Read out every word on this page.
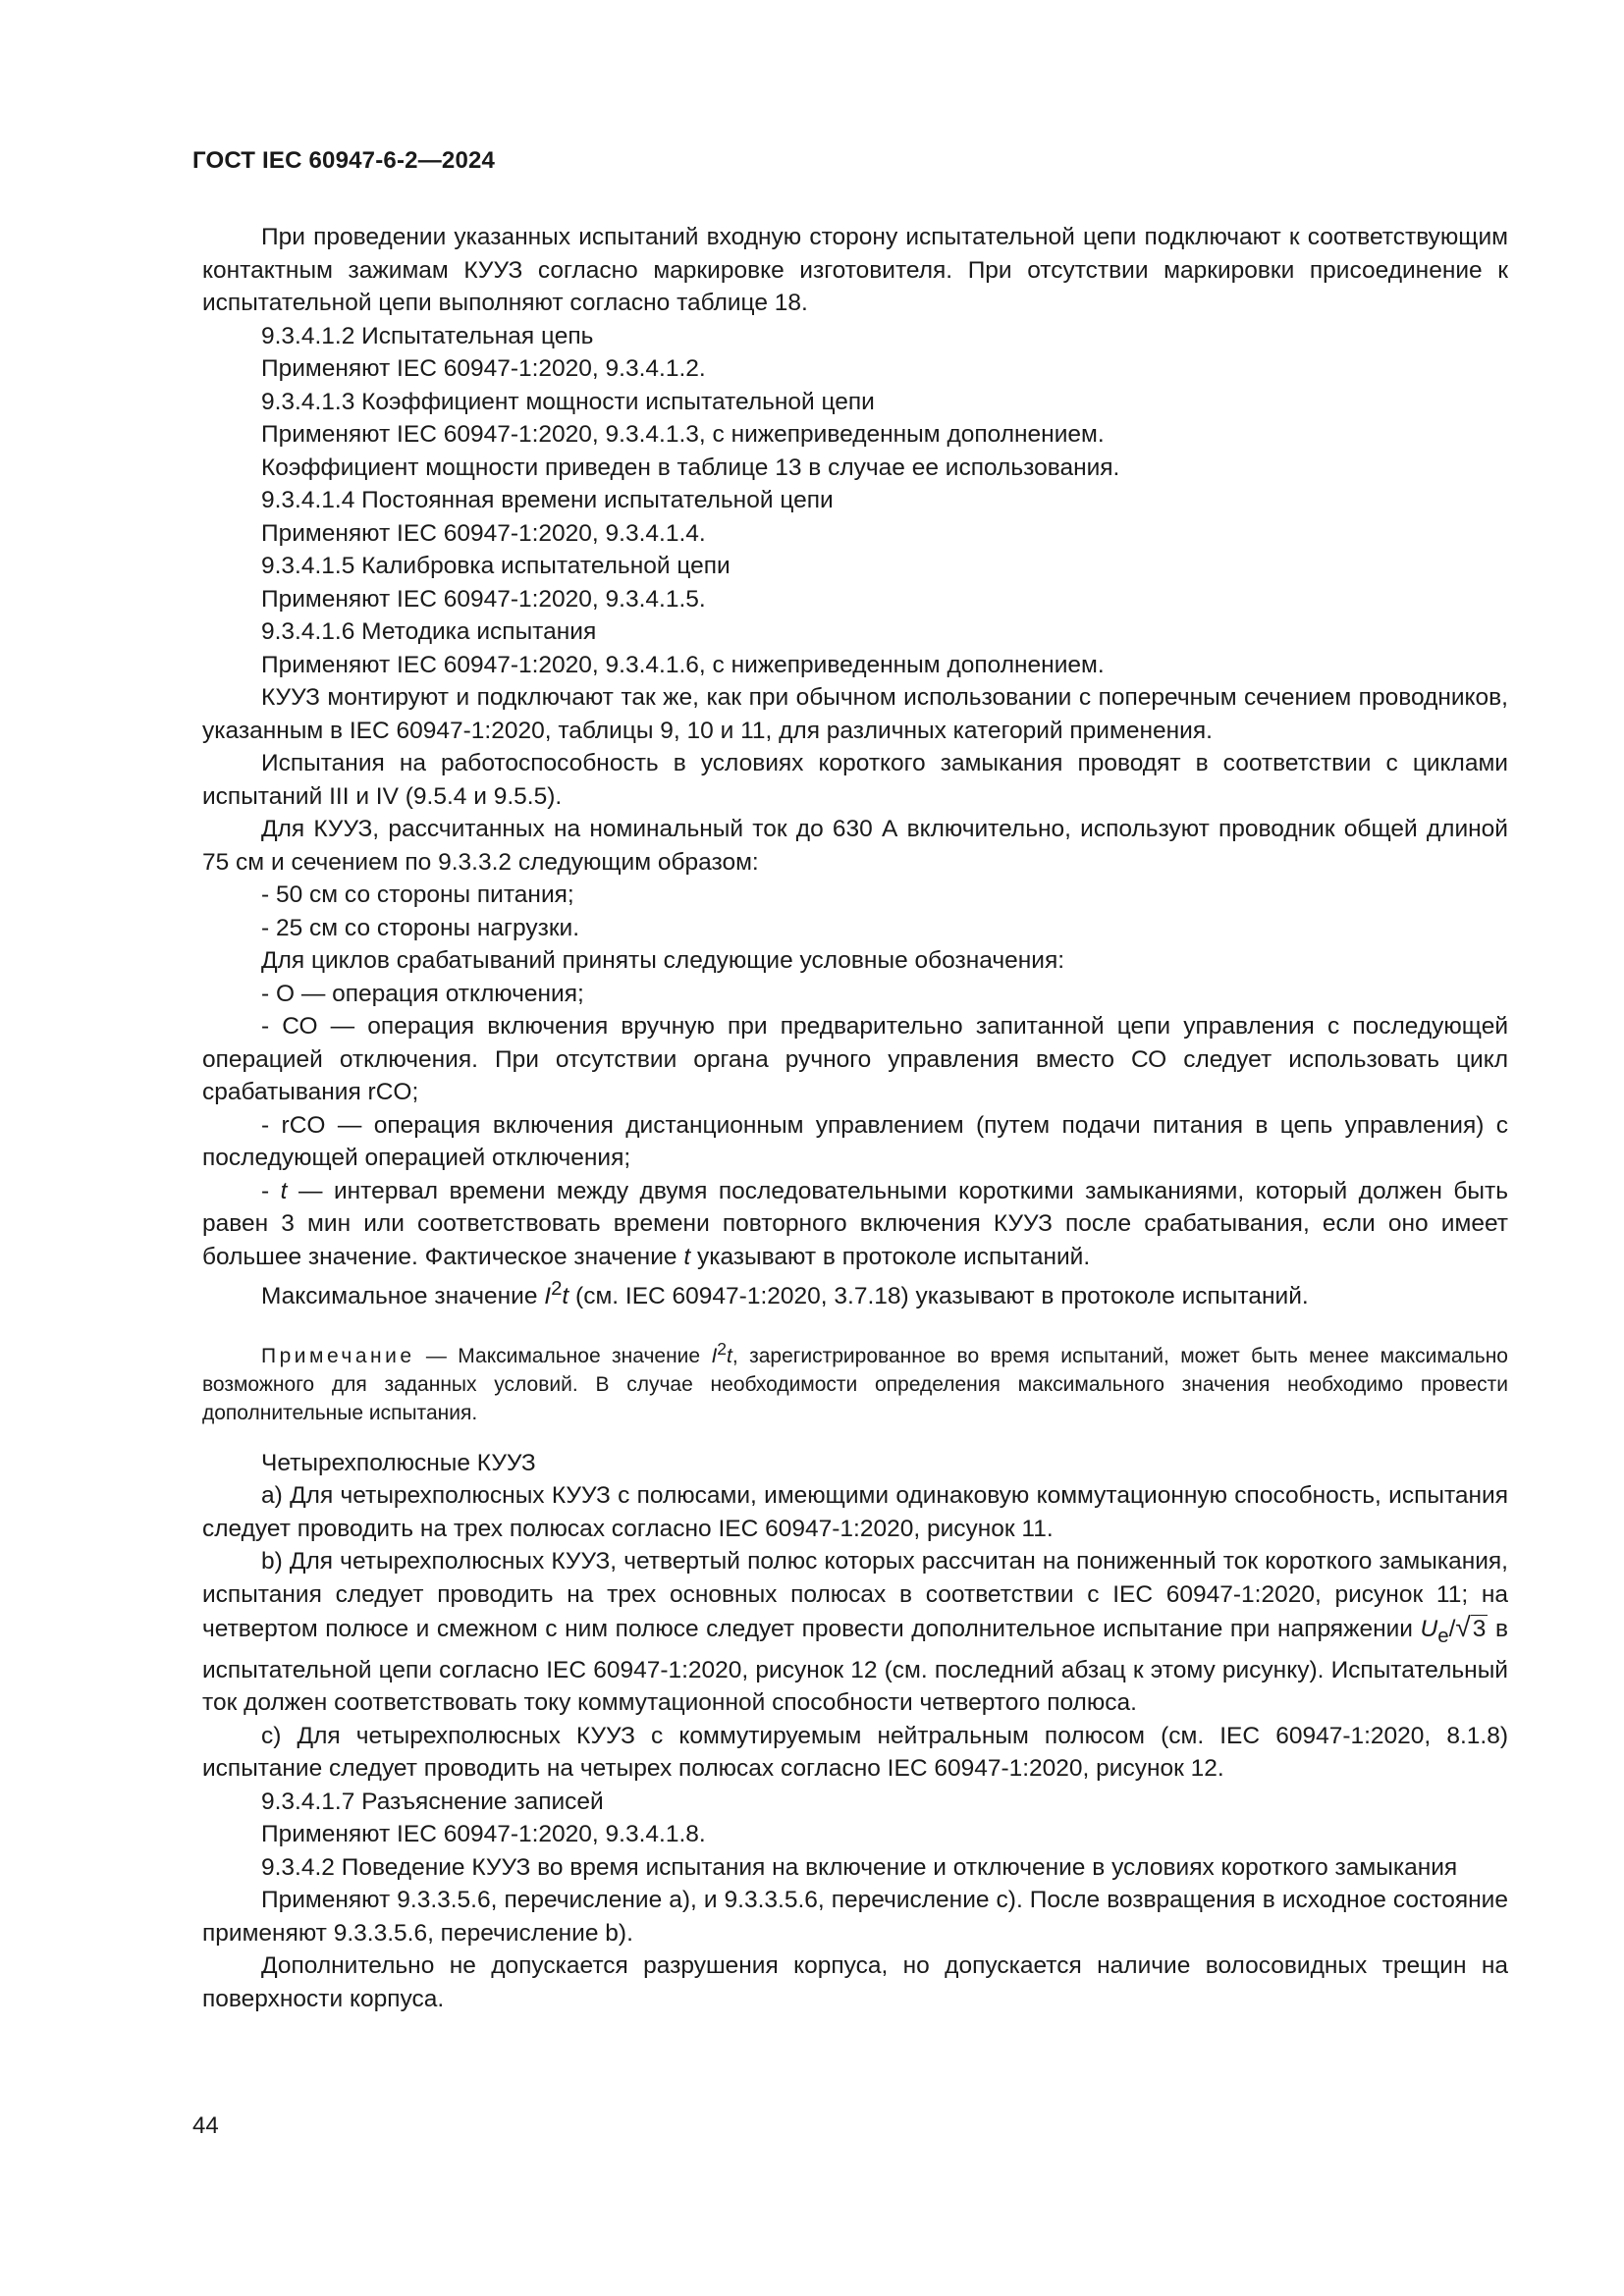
ГОСТ IEC 60947-6-2—2024

При проведении указанных испытаний входную сторону испытательной цепи подключают к соответствующим контактным зажимам КУУЗ согласно маркировке изготовителя. При отсутствии маркировки присоединение к испытательной цепи выполняют согласно таблице 18.

9.3.4.1.2 Испытательная цепь

Применяют IEC 60947-1:2020, 9.3.4.1.2.

9.3.4.1.3 Коэффициент мощности испытательной цепи

Применяют IEC 60947-1:2020, 9.3.4.1.3, с нижеприведенным дополнением.

Коэффициент мощности приведен в таблице 13 в случае ее использования.

9.3.4.1.4 Постоянная времени испытательной цепи

Применяют IEC 60947-1:2020, 9.3.4.1.4.

9.3.4.1.5 Калибровка испытательной цепи

Применяют IEC 60947-1:2020, 9.3.4.1.5.

9.3.4.1.6 Методика испытания

Применяют IEC 60947-1:2020, 9.3.4.1.6, с нижеприведенным дополнением.

КУУЗ монтируют и подключают так же, как при обычном использовании с поперечным сечением проводников, указанным в IEC 60947-1:2020, таблицы 9, 10 и 11, для различных категорий применения.

Испытания на работоспособность в условиях короткого замыкания проводят в соответствии с циклами испытаний III и IV (9.5.4 и 9.5.5).

Для КУУЗ, рассчитанных на номинальный ток до 630 А включительно, используют проводник общей длиной 75 см и сечением по 9.3.3.2 следующим образом:

- 50 см со стороны питания;

- 25 см со стороны нагрузки.

Для циклов срабатываний приняты следующие условные обозначения:

- О — операция отключения;

- СО — операция включения вручную при предварительно запитанной цепи управления с последующей операцией отключения. При отсутствии органа ручного управления вместо СО следует использовать цикл срабатывания rCO;

- rCO — операция включения дистанционным управлением (путем подачи питания в цепь управления) с последующей операцией отключения;

- t — интервал времени между двумя последовательными короткими замыканиями, который должен быть равен 3 мин или соответствовать времени повторного включения КУУЗ после срабатывания, если оно имеет большее значение. Фактическое значение t указывают в протоколе испытаний.

Максимальное значение $I^2t$ (см. IEC 60947-1:2020, 3.7.18) указывают в протоколе испытаний.

Примечание — Максимальное значение $I^2t$, зарегистрированное во время испытаний, может быть менее максимально возможного для заданных условий. В случае необходимости определения максимального значения необходимо провести дополнительные испытания.

Четырехполюсные КУУЗ

a) Для четырехполюсных КУУЗ с полюсами, имеющими одинаковую коммутационную способность, испытания следует проводить на трех полюсах согласно IEC 60947-1:2020, рисунок 11.

b) Для четырехполюсных КУУЗ, четвертый полюс которых рассчитан на пониженный ток короткого замыкания, испытания следует проводить на трех основных полюсах в соответствии с IEC 60947-1:2020, рисунок 11; на четвертом полюсе и смежном с ним полюсе следует провести дополнительное испытание при напряжении $U_e/√3$ в испытательной цепи согласно IEC 60947-1:2020, рисунок 12 (см. последний абзац к этому рисунку). Испытательный ток должен соответствовать току коммутационной способности четвертого полюса.

c) Для четырехполюсных КУУЗ с коммутируемым нейтральным полюсом (см. IEC 60947-1:2020, 8.1.8) испытание следует проводить на четырех полюсах согласно IEC 60947-1:2020, рисунок 12.

9.3.4.1.7 Разъяснение записей

Применяют IEC 60947-1:2020, 9.3.4.1.8.

9.3.4.2 Поведение КУУЗ во время испытания на включение и отключение в условиях короткого замыкания

Применяют 9.3.3.5.6, перечисление a), и 9.3.3.5.6, перечисление c). После возвращения в исходное состояние применяют 9.3.3.5.6, перечисление b).

Дополнительно не допускается разрушения корпуса, но допускается наличие волосовидных трещин на поверхности корпуса.

44
